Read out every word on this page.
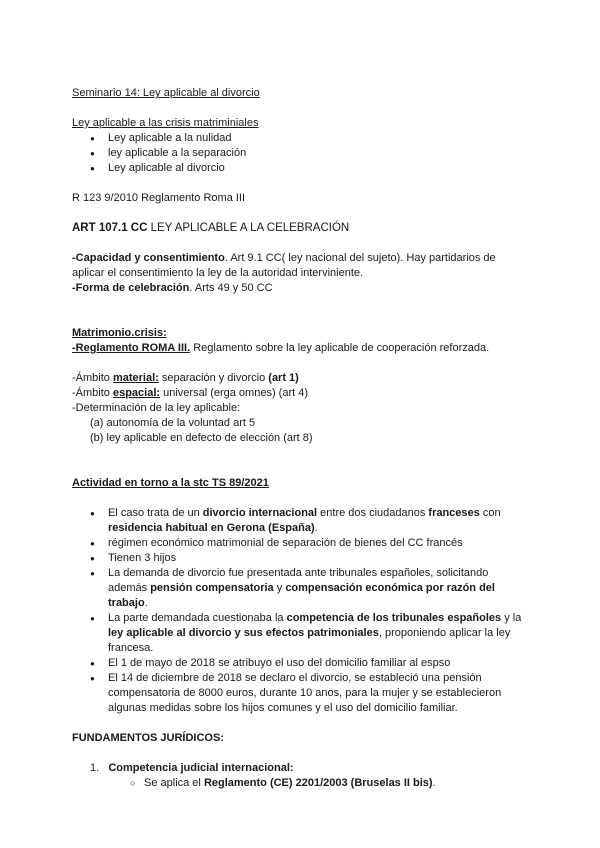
Seminario 14: Ley aplicable al divorcio

Ley aplicable a las crisis matriminiales

● Ley aplicable a la nulidad
● ley aplicable a la separación
● Ley aplicable al divorcio

R 123 9/2010 Reglamento Roma III

ART 107.1 CC LEY APLICABLE A LA CELEBRACIÓN

-Capacidad y consentimiento. Art 9.1 CC( ley nacional del sujeto). Hay partidarios de aplicar el consentimiento la ley de la autoridad interviniente.

-Forma de celebración. Arts 49 y 50 CC

Matrimonio.crisis:

-Reglamento ROMA III. Reglamento sobre la ley aplicable de cooperación reforzada.

-Ámbito material: separación y divorcio (art 1)

-Ámbito espacial: universal (erga omnes) (art 4)

-Determinación de la ley aplicable:

(a) autonomía de la voluntad art 5

(b) ley aplicable en defecto de elección (art 8)

Actividad en torno a la stc TS 89/2021

● El caso trata de un divorcio internacional entre dos ciudadanos franceses con residencia habitual en Gerona (España).
● régimen económico matrimonial de separación de bienes del CC francés
● Tienen 3 hijos
● La demanda de divorcio fue presentada ante tribunales españoles, solicitando además pensión compensatoria y compensación económica por razón del trabajo.
● La parte demandada cuestionaba la competencia de los tribunales españoles y la ley aplicable al divorcio y sus efectos patrimoniales, proponiendo aplicar la ley francesa.
● El 1 de mayo de 2018 se atribuyo el uso del domicilio familiar al espso
● El 14 de diciembre de 2018 se declaro el divorcio, se estableció una pensión compensatoria de 8000 euros, durante 10 anos, para la mujer y se establecieron algunas medidas sobre los hijos comunes y el uso del domicilio familiar.

FUNDAMENTOS JURÍDICOS:

1. Competencia judicial internacional:

○ Se aplica el Reglamento (CE) 2201/2003 (Bruselas II bis).
